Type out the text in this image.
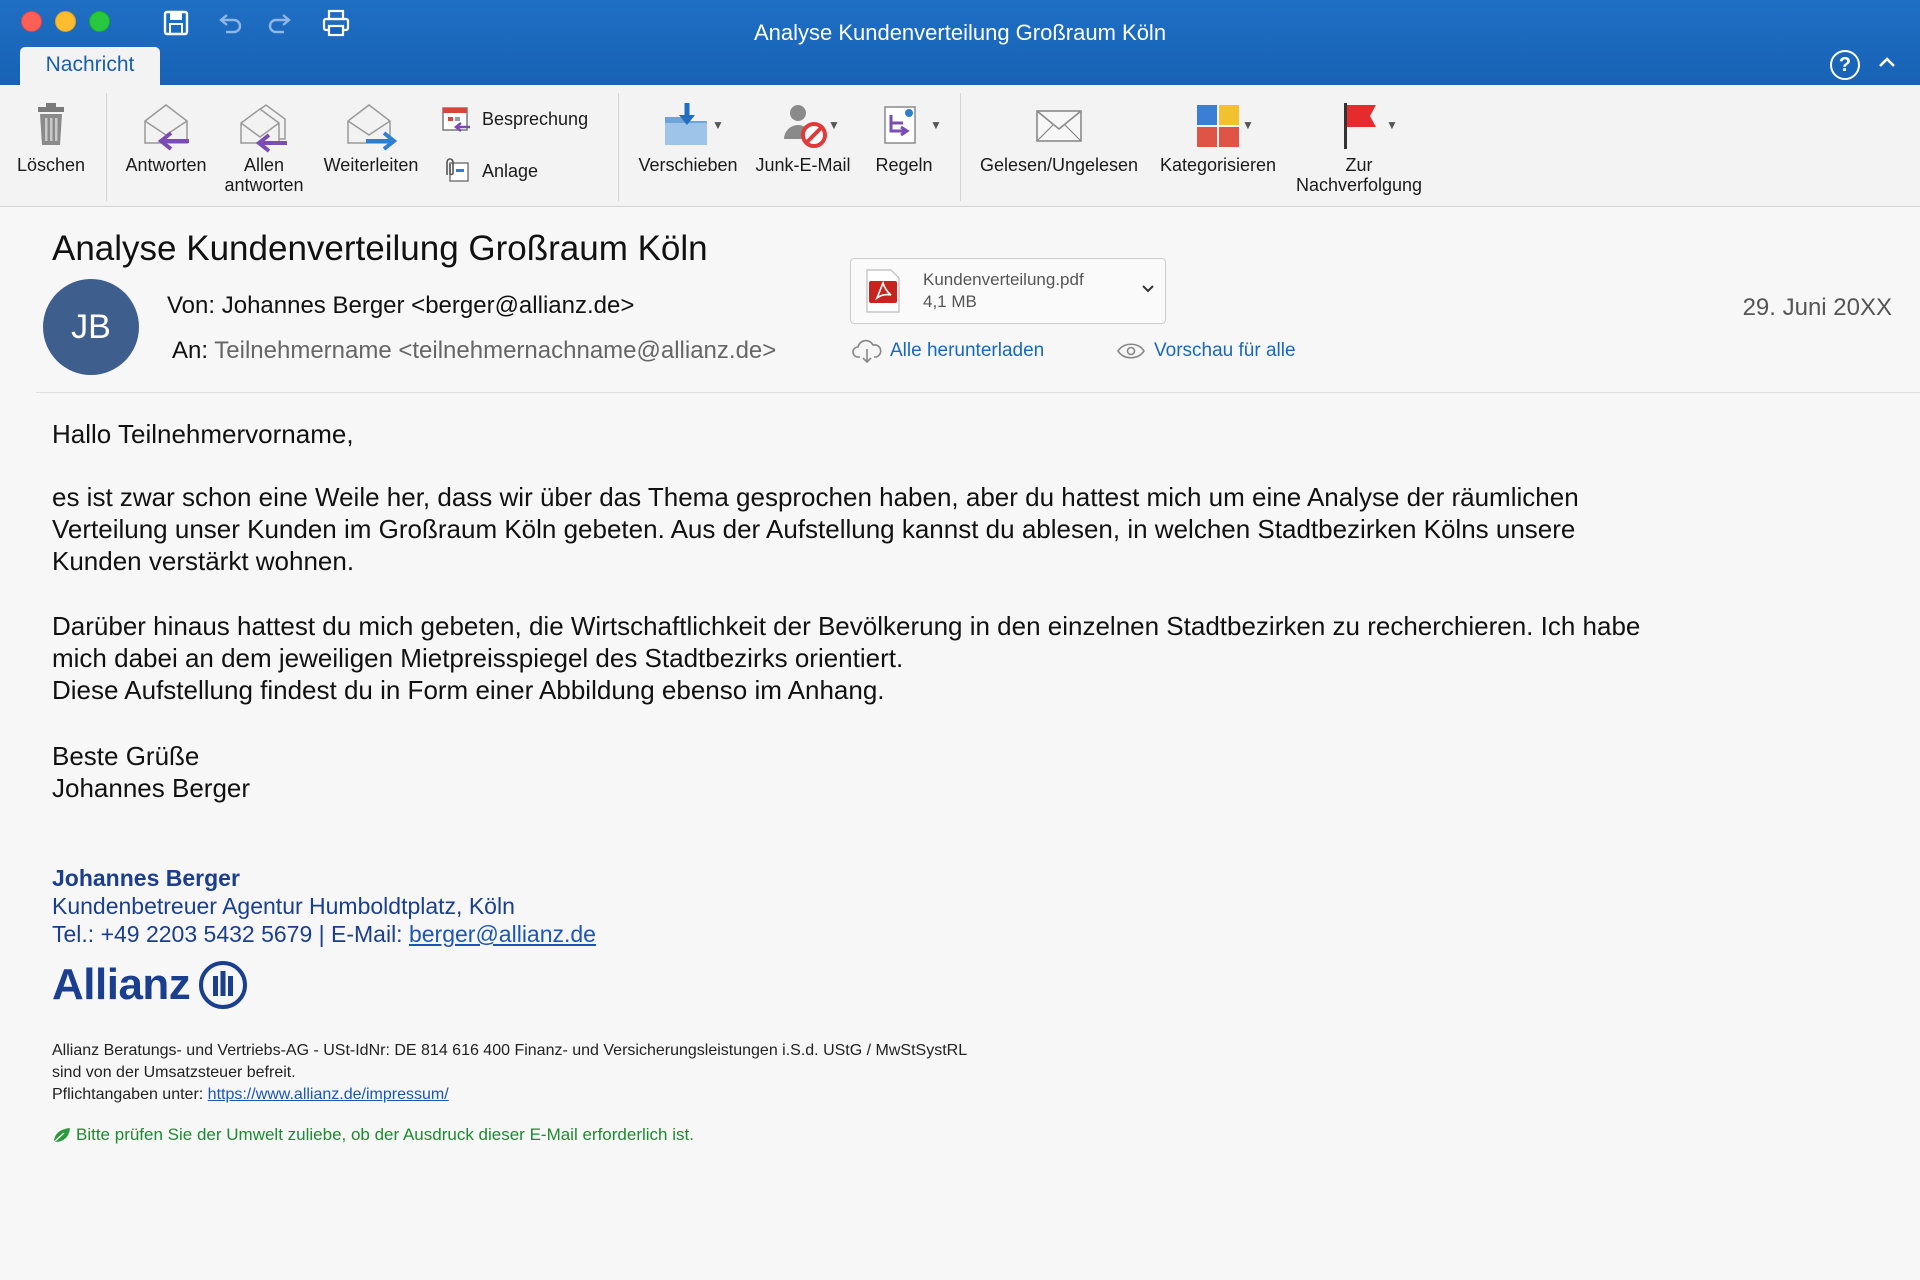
Analyse Kundenverteilung Großraum Köln
Nachricht	?
Löschen	Antworten	Allen
antworten
Weiterleiten
Besprechung
Anlage	Verschieben
▼
Junk-E-Mail
▼
Regeln
▼
Gelesen/Ungelesen	Kategorisieren
▼
Zur
Nachverfolgung
▼
Analyse Kundenverteilung Großraum Köln
JB
Von: Johannes Berger <berger@allianz.de>
An: Teilnehmername <teilnehmernachname@allianz.de>
Kundenverteilung.pdf
4,1 MB
Alle herunterladen	Vorschau für alle
29. Juni 20XX
Hallo Teilnehmervorname,
es ist zwar schon eine Weile her, dass wir über das Thema gesprochen haben, aber du hattest mich um eine Analyse der räumlichen
Verteilung unser Kunden im Großraum Köln gebeten. Aus der Aufstellung kannst du ablesen, in welchen Stadtbezirken Kölns unsere
Kunden verstärkt wohnen.
Darüber hinaus hattest du mich gebeten, die Wirtschaftlichkeit der Bevölkerung in den einzelnen Stadtbezirken zu recherchieren. Ich habe
mich dabei an dem jeweiligen Mietpreisspiegel des Stadtbezirks orientiert.
Diese Aufstellung findest du in Form einer Abbildung ebenso im Anhang.
Beste Grüße
Johannes Berger
Johannes Berger
Kundenbetreuer Agentur Humboldtplatz, Köln
Tel.: +49 2203 5432 5679 | E-Mail: berger@allianz.de
Allianz
Allianz Beratungs- und Vertriebs-AG - USt-IdNr: DE 814 616 400 Finanz- und Versicherungsleistungen i.S.d. UStG / MwStSystRL
sind von der Umsatzsteuer befreit.
Pflichtangaben unter: https://www.allianz.de/impressum/
Bitte prüfen Sie der Umwelt zuliebe, ob der Ausdruck dieser E-Mail erforderlich ist.
